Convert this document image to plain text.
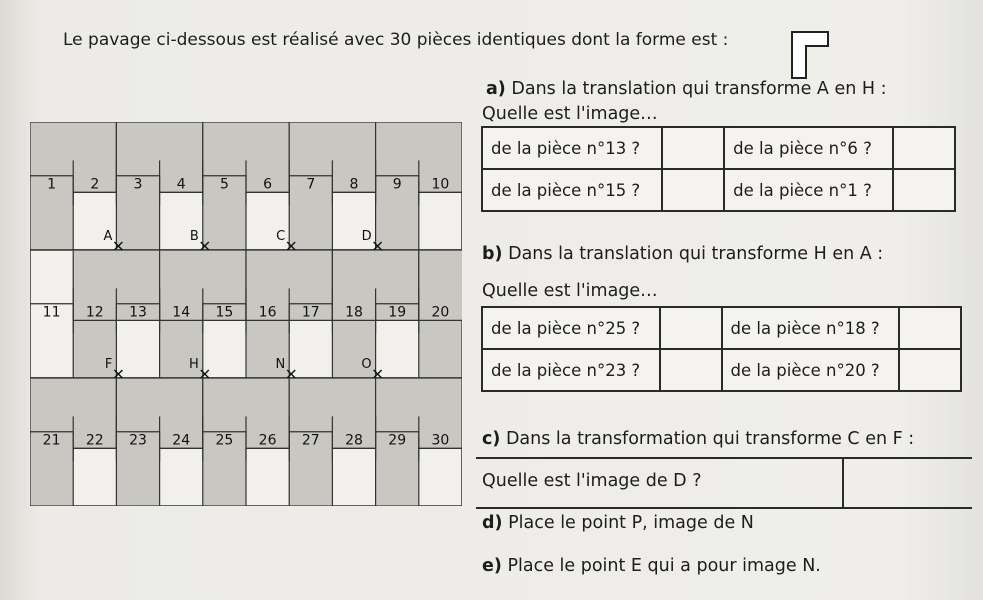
Le pavage ci-dessous est réalisé avec 30 pièces identiques dont la forme est :
1 2 3 4 5 6 7 8 9 10
11 12 13 14 15 16 17 18 19 20
21 22 23 24 25 26 27 28 29 30
A	B	C	D
F	H	N	O
a) Dans la translation qui transforme A en H :
Quelle est l'image…
de la pièce n°13 ?		de la pièce n°6 ?	
de la pièce n°15 ?		de la pièce n°1 ?	
b) Dans la translation qui transforme H en A :
Quelle est l'image…
de la pièce n°25 ?		de la pièce n°18 ?	
de la pièce n°23 ?		de la pièce n°20 ?	
c) Dans la transformation qui transforme C en F :
Quelle est l'image de D ?
d) Place le point P, image de N
e) Place le point E qui a pour image N.
